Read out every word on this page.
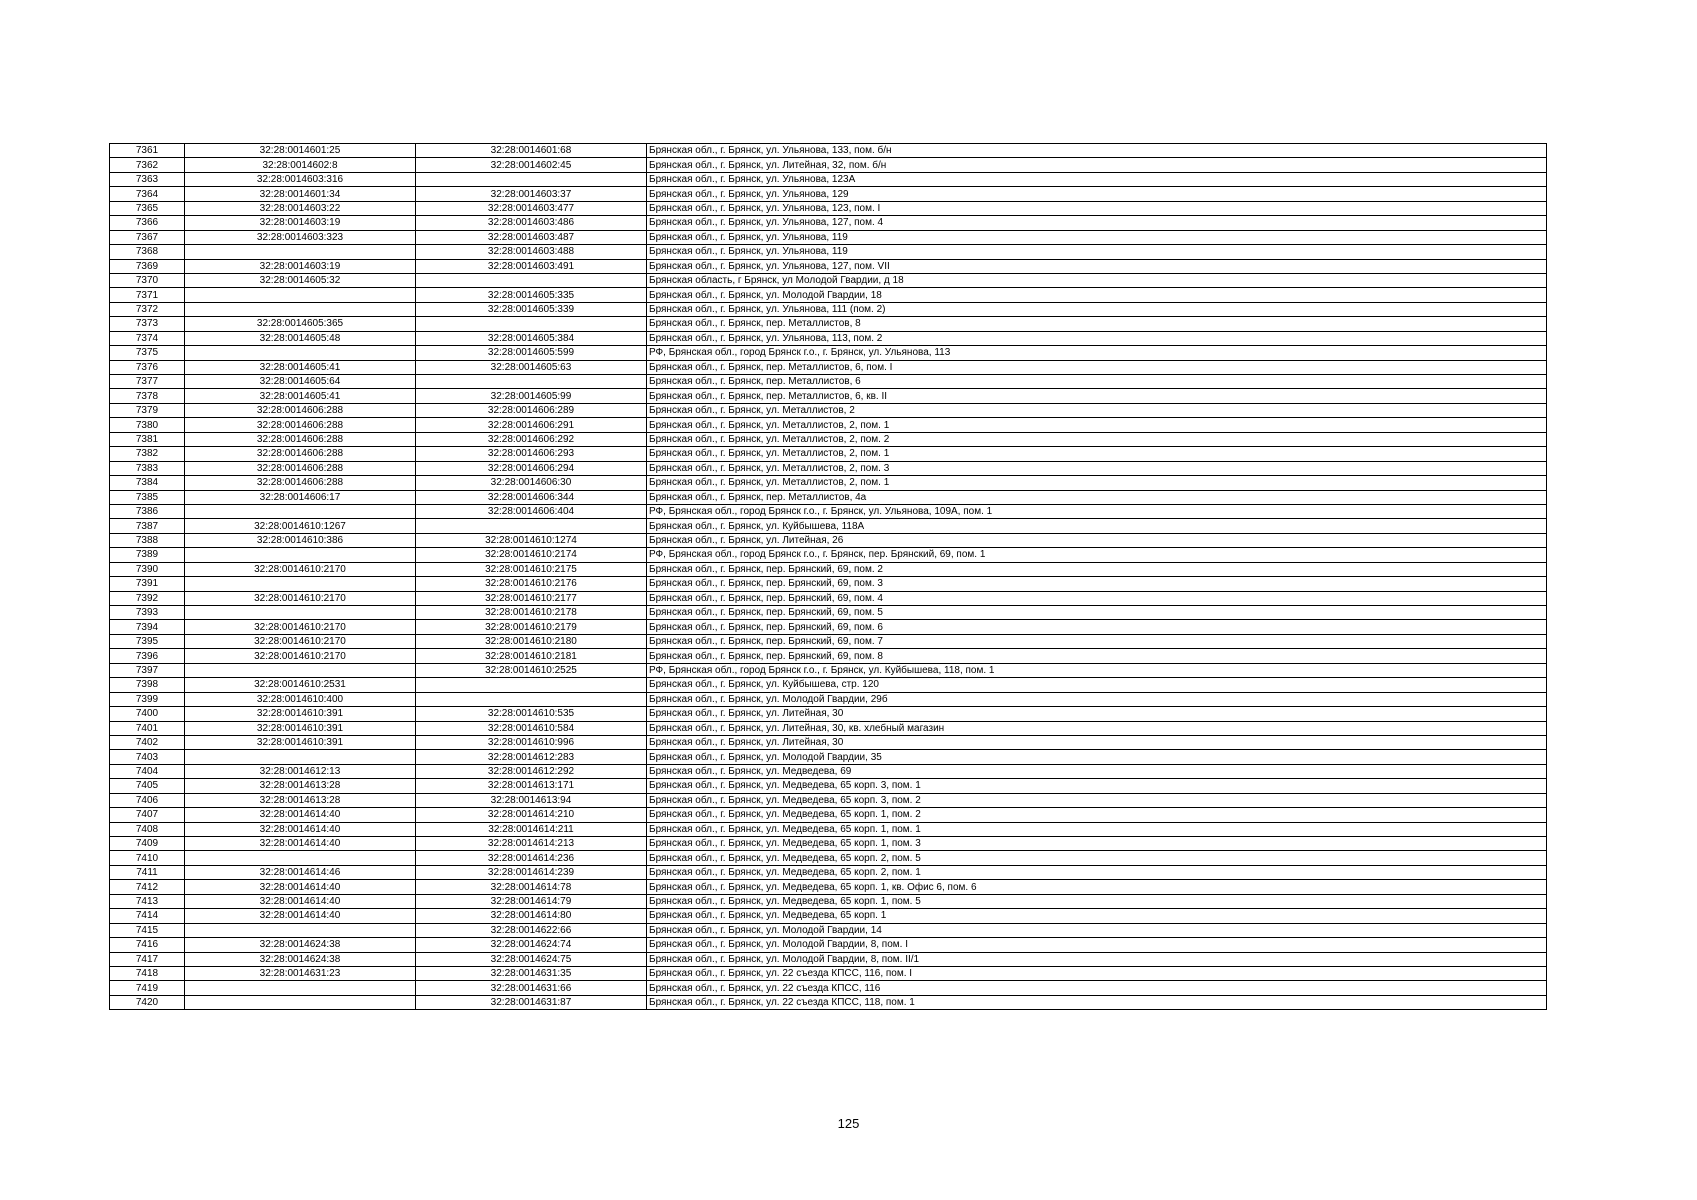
7361	32:28:0014601:25	32:28:0014601:68	Брянская обл., г. Брянск, ул. Ульянова, 133, пом. б/н
7362	32:28:0014602:8	32:28:0014602:45	Брянская обл., г. Брянск, ул. Литейная, 32, пом. б/н
7363	32:28:0014603:316		Брянская обл., г. Брянск, ул. Ульянова, 123А
7364	32:28:0014601:34	32:28:0014603:37	Брянская обл., г. Брянск, ул. Ульянова, 129
7365	32:28:0014603:22	32:28:0014603:477	Брянская обл., г. Брянск, ул. Ульянова, 123, пом. I
7366	32:28:0014603:19	32:28:0014603:486	Брянская обл., г. Брянск, ул. Ульянова, 127, пом. 4
7367	32:28:0014603:323	32:28:0014603:487	Брянская обл., г. Брянск, ул. Ульянова, 119
7368		32:28:0014603:488	Брянская обл., г. Брянск, ул. Ульянова, 119
7369	32:28:0014603:19	32:28:0014603:491	Брянская обл., г. Брянск, ул. Ульянова, 127, пом. VII
7370	32:28:0014605:32		Брянская область, г Брянск, ул Молодой Гвардии, д 18
7371		32:28:0014605:335	Брянская обл., г. Брянск, ул. Молодой Гвардии, 18
7372		32:28:0014605:339	Брянская обл., г. Брянск, ул. Ульянова, 111 (пом. 2)
7373	32:28:0014605:365		Брянская обл., г. Брянск, пер. Металлистов, 8
7374	32:28:0014605:48	32:28:0014605:384	Брянская обл., г. Брянск, ул. Ульянова, 113, пом. 2
7375		32:28:0014605:599	РФ, Брянская обл., город Брянск г.о., г. Брянск, ул. Ульянова, 113
7376	32:28:0014605:41	32:28:0014605:63	Брянская обл., г. Брянск, пер. Металлистов, 6, пом. I
7377	32:28:0014605:64		Брянская обл., г. Брянск, пер. Металлистов, 6
7378	32:28:0014605:41	32:28:0014605:99	Брянская обл., г. Брянск, пер. Металлистов, 6, кв. II
7379	32:28:0014606:288	32:28:0014606:289	Брянская обл., г. Брянск, ул. Металлистов, 2
7380	32:28:0014606:288	32:28:0014606:291	Брянская обл., г. Брянск, ул. Металлистов, 2, пом. 1
7381	32:28:0014606:288	32:28:0014606:292	Брянская обл., г. Брянск, ул. Металлистов, 2, пом. 2
7382	32:28:0014606:288	32:28:0014606:293	Брянская обл., г. Брянск, ул. Металлистов, 2, пом. 1
7383	32:28:0014606:288	32:28:0014606:294	Брянская обл., г. Брянск, ул. Металлистов, 2, пом. 3
7384	32:28:0014606:288	32:28:0014606:30	Брянская обл., г. Брянск, ул. Металлистов, 2, пом. 1
7385	32:28:0014606:17	32:28:0014606:344	Брянская обл., г. Брянск, пер. Металлистов, 4а
7386		32:28:0014606:404	РФ, Брянская обл., город Брянск г.о., г. Брянск, ул. Ульянова, 109А, пом. 1
7387	32:28:0014610:1267		Брянская обл., г. Брянск, ул. Куйбышева, 118А
7388	32:28:0014610:386	32:28:0014610:1274	Брянская обл., г. Брянск, ул. Литейная, 26
7389		32:28:0014610:2174	РФ, Брянская обл., город Брянск г.о., г. Брянск, пер. Брянский, 69, пом. 1
7390	32:28:0014610:2170	32:28:0014610:2175	Брянская обл., г. Брянск, пер. Брянский, 69, пом. 2
7391		32:28:0014610:2176	Брянская обл., г. Брянск, пер. Брянский, 69, пом. 3
7392	32:28:0014610:2170	32:28:0014610:2177	Брянская обл., г. Брянск, пер. Брянский, 69, пом. 4
7393		32:28:0014610:2178	Брянская обл., г. Брянск, пер. Брянский, 69, пом. 5
7394	32:28:0014610:2170	32:28:0014610:2179	Брянская обл., г. Брянск, пер. Брянский, 69, пом. 6
7395	32:28:0014610:2170	32:28:0014610:2180	Брянская обл., г. Брянск, пер. Брянский, 69, пом. 7
7396	32:28:0014610:2170	32:28:0014610:2181	Брянская обл., г. Брянск, пер. Брянский, 69, пом. 8
7397		32:28:0014610:2525	РФ, Брянская обл., город Брянск г.о., г. Брянск, ул. Куйбышева, 118, пом. 1
7398	32:28:0014610:2531		Брянская обл., г. Брянск, ул. Куйбышева, стр. 120
7399	32:28:0014610:400		Брянская обл., г. Брянск, ул. Молодой Гвардии, 29б
7400	32:28:0014610:391	32:28:0014610:535	Брянская обл., г. Брянск, ул. Литейная, 30
7401	32:28:0014610:391	32:28:0014610:584	Брянская обл., г. Брянск, ул. Литейная, 30, кв. хлебный магазин
7402	32:28:0014610:391	32:28:0014610:996	Брянская обл., г. Брянск, ул. Литейная, 30
7403		32:28:0014612:283	Брянская обл., г. Брянск, ул. Молодой Гвардии, 35
7404	32:28:0014612:13	32:28:0014612:292	Брянская обл., г. Брянск, ул. Медведева, 69
7405	32:28:0014613:28	32:28:0014613:171	Брянская обл., г. Брянск, ул. Медведева, 65 корп. 3, пом. 1
7406	32:28:0014613:28	32:28:0014613:94	Брянская обл., г. Брянск, ул. Медведева, 65 корп. 3, пом. 2
7407	32:28:0014614:40	32:28:0014614:210	Брянская обл., г. Брянск, ул. Медведева, 65 корп. 1, пом. 2
7408	32:28:0014614:40	32:28:0014614:211	Брянская обл., г. Брянск, ул. Медведева, 65 корп. 1, пом. 1
7409	32:28:0014614:40	32:28:0014614:213	Брянская обл., г. Брянск, ул. Медведева, 65 корп. 1, пом. 3
7410		32:28:0014614:236	Брянская обл., г. Брянск, ул. Медведева, 65 корп. 2, пом. 5
7411	32:28:0014614:46	32:28:0014614:239	Брянская обл., г. Брянск, ул. Медведева, 65 корп. 2, пом. 1
7412	32:28:0014614:40	32:28:0014614:78	Брянская обл., г. Брянск, ул. Медведева, 65 корп. 1, кв. Офис 6, пом. 6
7413	32:28:0014614:40	32:28:0014614:79	Брянская обл., г. Брянск, ул. Медведева, 65 корп. 1, пом. 5
7414	32:28:0014614:40	32:28:0014614:80	Брянская обл., г. Брянск, ул. Медведева, 65 корп. 1
7415		32:28:0014622:66	Брянская обл., г. Брянск, ул. Молодой Гвардии, 14
7416	32:28:0014624:38	32:28:0014624:74	Брянская обл., г. Брянск, ул. Молодой Гвардии, 8, пом. I
7417	32:28:0014624:38	32:28:0014624:75	Брянская обл., г. Брянск, ул. Молодой Гвардии, 8, пом. II/1
7418	32:28:0014631:23	32:28:0014631:35	Брянская обл., г. Брянск, ул. 22 съезда КПСС, 116, пом. I
7419		32:28:0014631:66	Брянская обл., г. Брянск, ул. 22 съезда КПСС, 116
7420		32:28:0014631:87	Брянская обл., г. Брянск, ул. 22 съезда КПСС, 118, пом. 1
125
